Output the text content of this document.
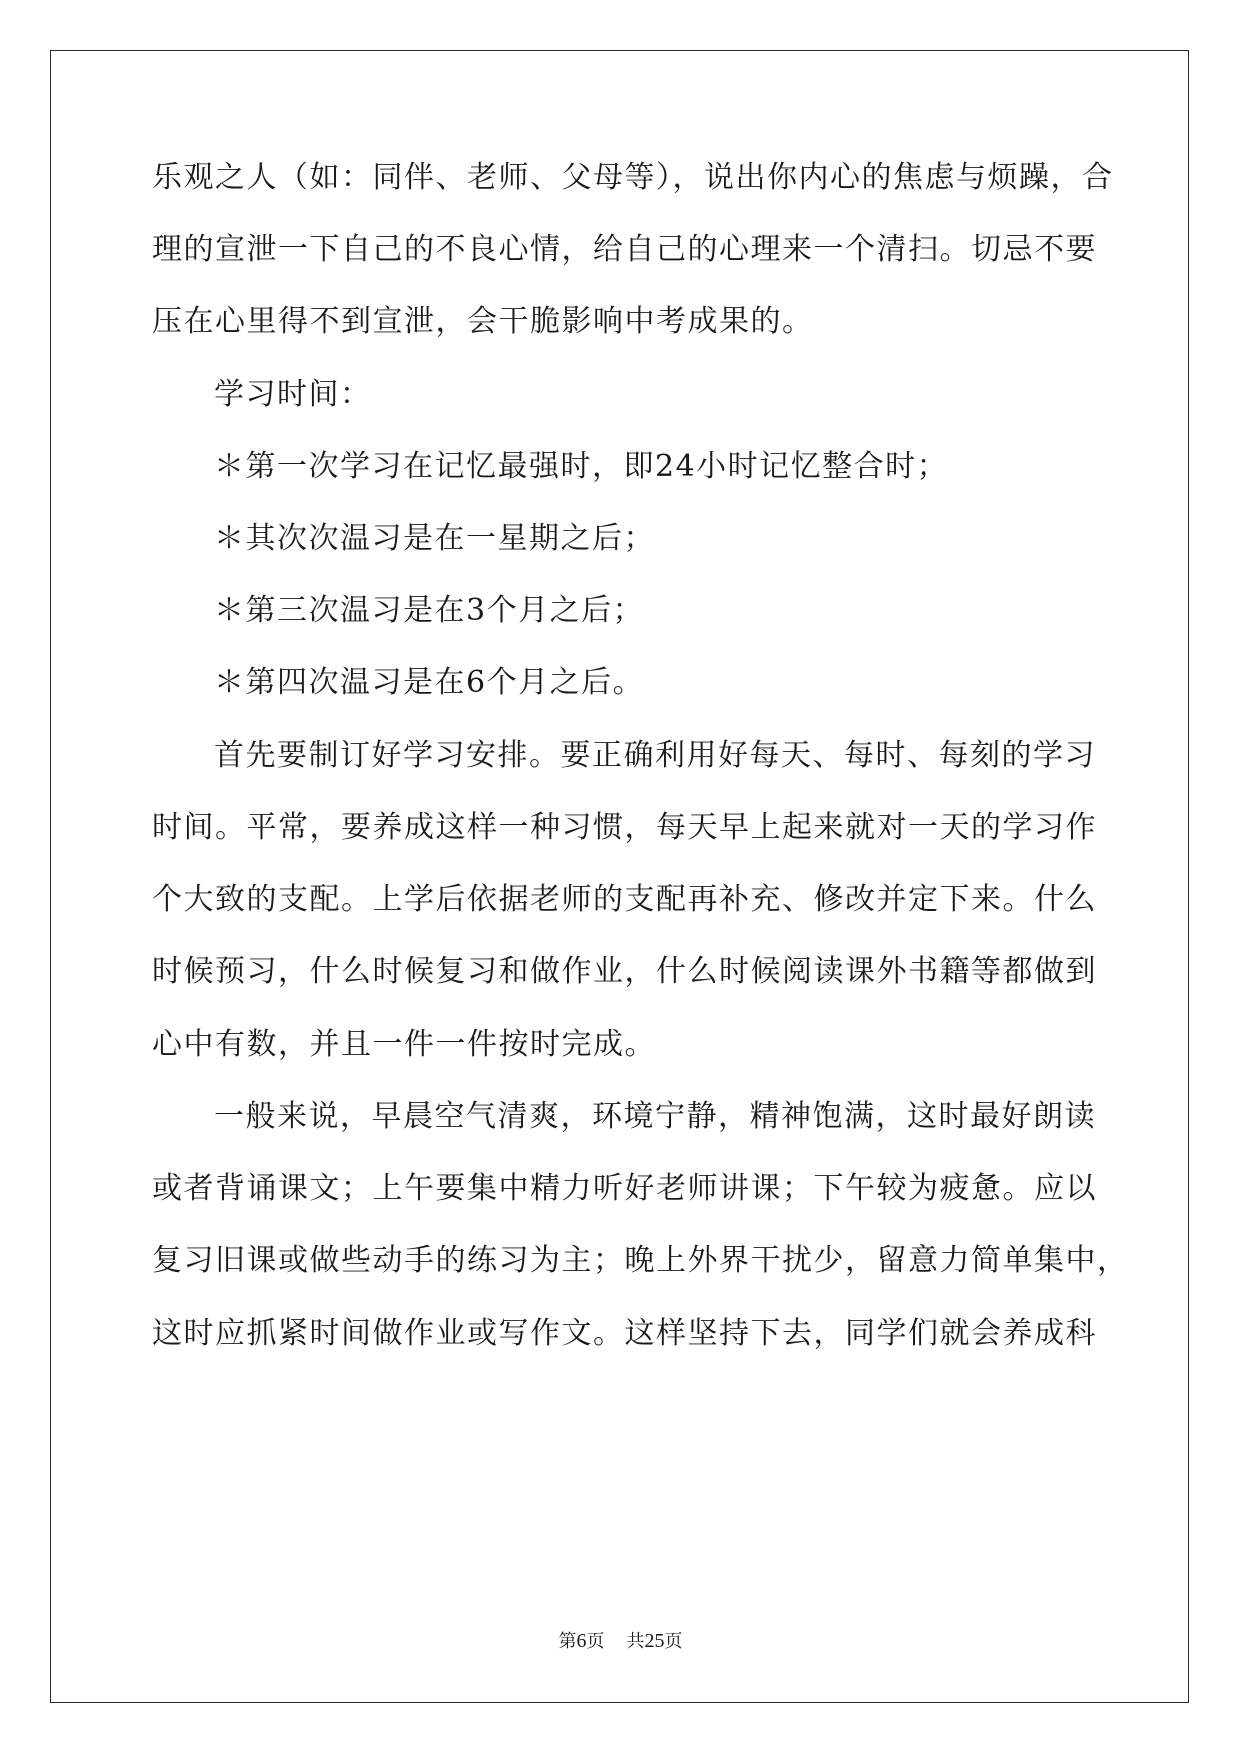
乐观之人（如：同伴、老师、父母等），说出你内心的焦虑与烦躁，合
理的宣泄一下自己的不良心情，给自己的心理来一个清扫。切忌不要
压在心里得不到宣泄，会干脆影响中考成果的。
学习时间：
＊第一次学习在记忆最强时，即24小时记忆整合时；
＊其次次温习是在一星期之后；
＊第三次温习是在3个月之后；
＊第四次温习是在6个月之后。
首先要制订好学习安排。要正确利用好每天、每时、每刻的学习
时间。平常，要养成这样一种习惯，每天早上起来就对一天的学习作
个大致的支配。上学后依据老师的支配再补充、修改并定下来。什么
时候预习，什么时候复习和做作业，什么时候阅读课外书籍等都做到
心中有数，并且一件一件按时完成。
一般来说，早晨空气清爽，环境宁静，精神饱满，这时最好朗读
或者背诵课文；上午要集中精力听好老师讲课；下午较为疲惫。应以
复习旧课或做些动手的练习为主；晚上外界干扰少，留意力简单集中，
这时应抓紧时间做作业或写作文。这样坚持下去，同学们就会养成科
第6页 共25页
